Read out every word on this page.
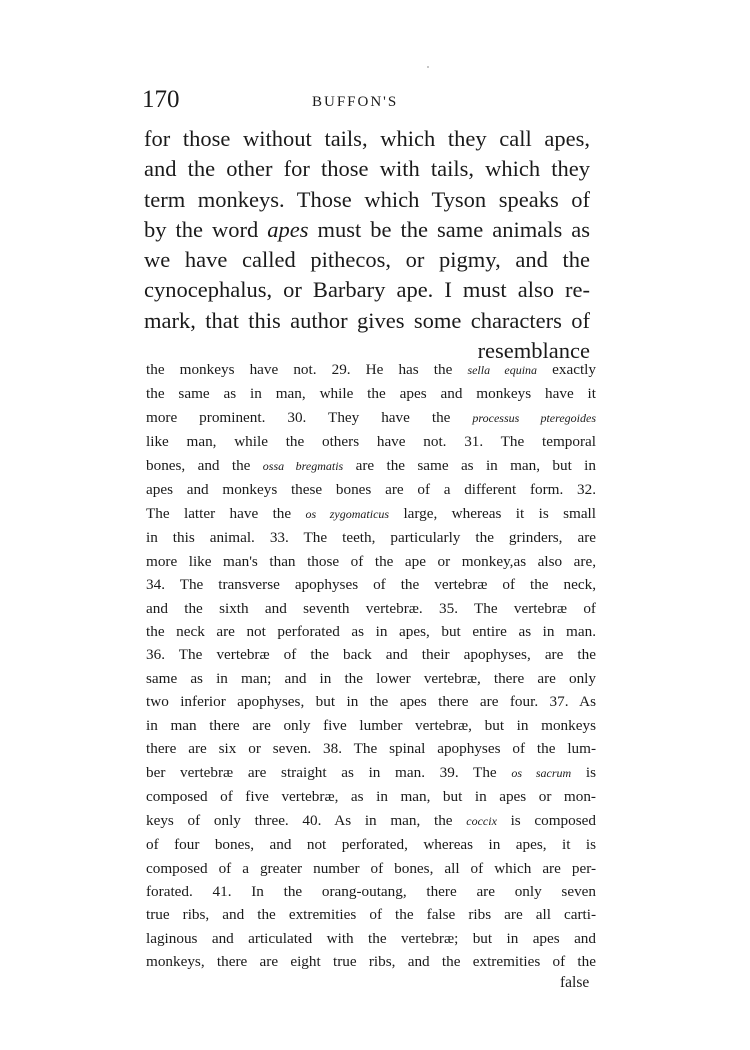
170	BUFFON'S
for those without tails, which they call apes,
and the other for those with tails, which they
term monkeys. Those which Tyson speaks of
by the word apes must be the same animals as
we have called pithecos, or pigmy, and the
cynocephalus, or Barbary ape. I must also re-
mark, that this author gives some characters of
resemblance
the monkeys have not. 29. He has the sella equina exactly
the same as in man, while the apes and monkeys have it
more prominent. 30. They have the processus pteregoides
like man, while the others have not. 31. The temporal
bones, and the ossa bregmatis are the same as in man, but in
apes and monkeys these bones are of a different form. 32.
The latter have the os zygomaticus large, whereas it is small
in this animal. 33. The teeth, particularly the grinders, are
more like man's than those of the ape or monkey,as also are,
34. The transverse apophyses of the vertebræ of the neck,
and the sixth and seventh vertebræ. 35. The vertebræ of
the neck are not perforated as in apes, but entire as in man.
36. The vertebræ of the back and their apophyses, are the
same as in man; and in the lower vertebræ, there are only
two inferior apophyses, but in the apes there are four. 37. As
in man there are only five lumber vertebræ, but in monkeys
there are six or seven. 38. The spinal apophyses of the lum-
ber vertebræ are straight as in man. 39. The os sacrum is
composed of five vertebræ, as in man, but in apes or mon-
keys of only three. 40. As in man, the coccix is composed
of four bones, and not perforated, whereas in apes, it is
composed of a greater number of bones, all of which are per-
forated. 41. In the orang-outang, there are only seven
true ribs, and the extremities of the false ribs are all carti-
laginous and articulated with the vertebræ; but in apes and
monkeys, there are eight true ribs, and the extremities of the
false
